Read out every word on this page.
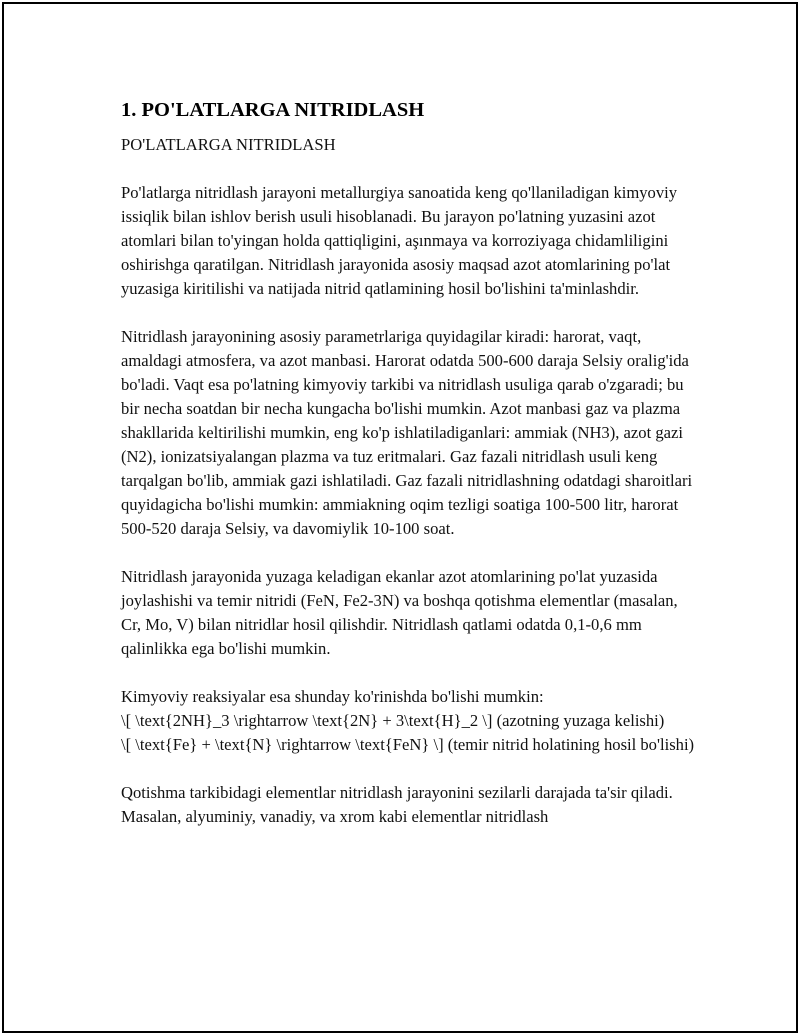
1. PO'LATLARGA NITRIDLASH

PO'LATLARGA NITRIDLASH

Po'latlarga nitridlash jarayoni metallurgiya sanoatida keng qo'llaniladigan kimyoviy issiqlik bilan ishlov berish usuli hisoblanadi. Bu jarayon po'latning yuzasini azot atomlari bilan to'yingan holda qattiqligini, aşınmaya va korroziyaga chidamliligini oshirishga qaratilgan. Nitridlash jarayonida asosiy maqsad azot atomlarining po'lat yuzasiga kiritilishi va natijada nitrid qatlamining hosil bo'lishini ta'minlashdir.

Nitridlash jarayonining asosiy parametrlariga quyidagilar kiradi: harorat, vaqt, amaldagi atmosfera, va azot manbasi. Harorat odatda 500-600 daraja Selsiy oralig'ida bo'ladi. Vaqt esa po'latning kimyoviy tarkibi va nitridlash usuliga qarab o'zgaradi; bu bir necha soatdan bir necha kungacha bo'lishi mumkin. Azot manbasi gaz va plazma shakllarida keltirilishi mumkin, eng ko'p ishlatiladiganlari: ammiak (NH3), azot gazi (N2), ionizatsiyalangan plazma va tuz eritmalari. Gaz fazali nitridlash usuli keng tarqalgan bo'lib, ammiak gazi ishlatiladi. Gaz fazali nitridlashning odatdagi sharoitlari quyidagicha bo'lishi mumkin: ammiakning oqim tezligi soatiga 100-500 litr, harorat 500-520 daraja Selsiy, va davomiylik 10-100 soat.

Nitridlash jarayonida yuzaga keladigan ekanlar azot atomlarining po'lat yuzasida joylashishi va temir nitridi (FeN, Fe2-3N) va boshqa qotishma elementlar (masalan, Cr, Mo, V) bilan nitridlar hosil qilishdir. Nitridlash qatlami odatda 0,1-0,6 mm qalinlikka ega bo'lishi mumkin.

Kimyoviy reaksiyalar esa shunday ko'rinishda bo'lishi mumkin:

\[ \text{2NH}_3 \rightarrow \text{2N} + 3\text{H}_2 \] (azotning yuzaga kelishi)

\[ \text{Fe} + \text{N} \rightarrow \text{FeN} \] (temir nitrid holatining hosil bo'lishi)

Qotishma tarkibidagi elementlar nitridlash jarayonini sezilarli darajada ta'sir qiladi. Masalan, alyuminiy, vanadiy, va xrom kabi elementlar nitridlash
